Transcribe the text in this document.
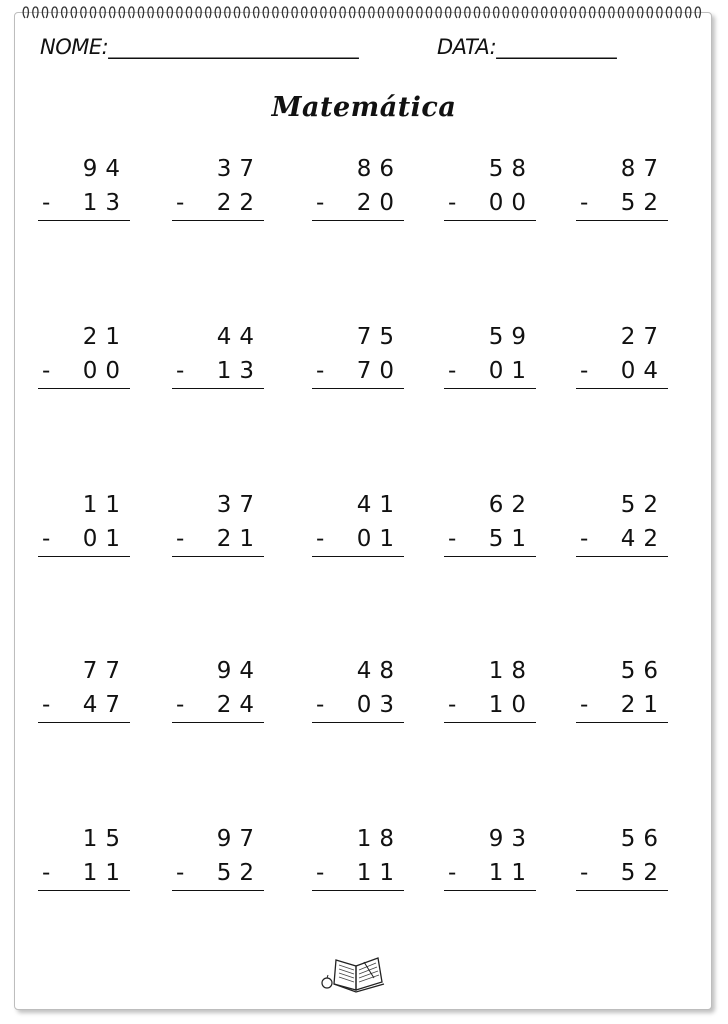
NOME:_________________________	DATA:____________
Matemática
94
- 13
37
- 22
86
- 20
58
- 00
87
- 52
21
- 00
44
- 13
75
- 70
59
- 01
27
- 04
11
- 01
37
- 21
41
- 01
62
- 51
52
- 42
77
- 47
94
- 24
48
- 03
18
- 10
56
- 21
15
- 11
97
- 52
18
- 11
93
- 11
56
- 52
